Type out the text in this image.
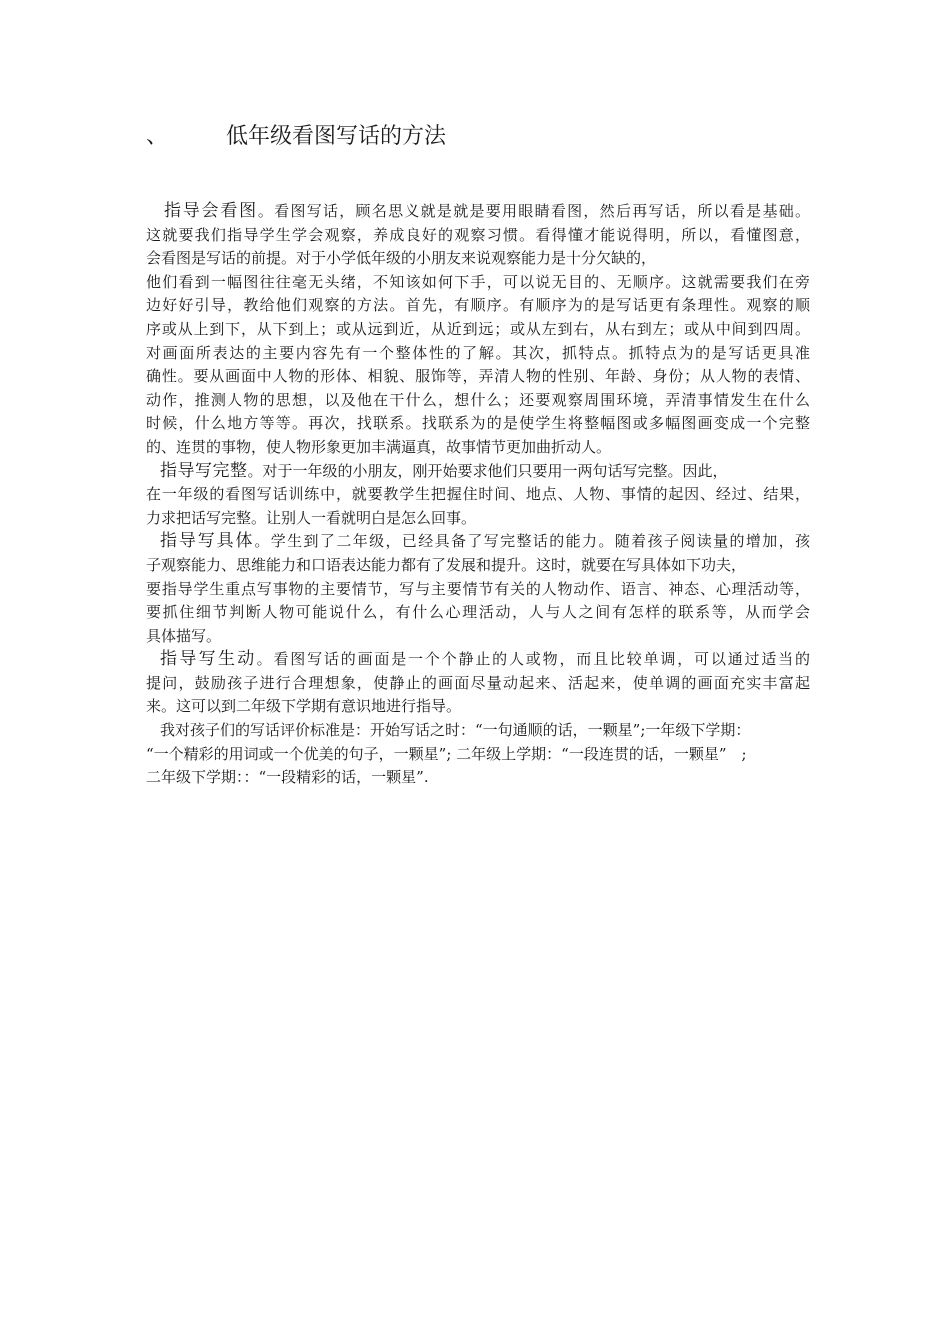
、	低年级看图写话的方法
指导会看图。看图写话，顾名思义就是就是要用眼睛看图，然后再写话，所以看是基础。
这就要我们指导学生学会观察，养成良好的观察习惯。看得懂才能说得明，所以，看懂图意，
会看图是写话的前提。对于小学低年级的小朋友来说观察能力是十分欠缺的，
他们看到一幅图往往毫无头绪，不知该如何下手，可以说无目的、无顺序。这就需要我们在旁
边好好引导，教给他们观察的方法。首先，有顺序。有顺序为的是写话更有条理性。观察的顺
序或从上到下，从下到上；或从远到近，从近到远；或从左到右，从右到左；或从中间到四周。
对画面所表达的主要内容先有一个整体性的了解。其次，抓特点。抓特点为的是写话更具准
确性。要从画面中人物的形体、相貌、服饰等，弄清人物的性别、年龄、身份；从人物的表情、
动作，推测人物的思想，以及他在干什么，想什么；还要观察周围环境，弄清事情发生在什么
时候，什么地方等等。再次，找联系。找联系为的是使学生将整幅图或多幅图画变成一个完整
的、连贯的事物，使人物形象更加丰满逼真，故事情节更加曲折动人。
指导写完整。对于一年级的小朋友，刚开始要求他们只要用一两句话写完整。因此，
在一年级的看图写话训练中，就要教学生把握住时间、地点、人物、事情的起因、经过、结果，
力求把话写完整。让别人一看就明白是怎么回事。
指导写具体。学生到了二年级，已经具备了写完整话的能力。随着孩子阅读量的增加，孩
子观察能力、思维能力和口语表达能力都有了发展和提升。这时，就要在写具体如下功夫，
要指导学生重点写事物的主要情节，写与主要情节有关的人物动作、语言、神态、心理活动等，
要抓住细节判断人物可能说什么，有什么心理活动，人与人之间有怎样的联系等，从而学会
具体描写。
指导写生动。看图写话的画面是一个个静止的人或物，而且比较单调，可以通过适当的
提问，鼓励孩子进行合理想象，使静止的画面尽量动起来、活起来，使单调的画面充实丰富起
来。这可以到二年级下学期有意识地进行指导。
我对孩子们的写话评价标准是：开始写话之时：“一句通顺的话，一颗星”;一年级下学期：
“一个精彩的用词或一个优美的句子，一颗星”; 二年级上学期：“一段连贯的话，一颗星”　;
二年级下学期：：“一段精彩的话，一颗星”.
